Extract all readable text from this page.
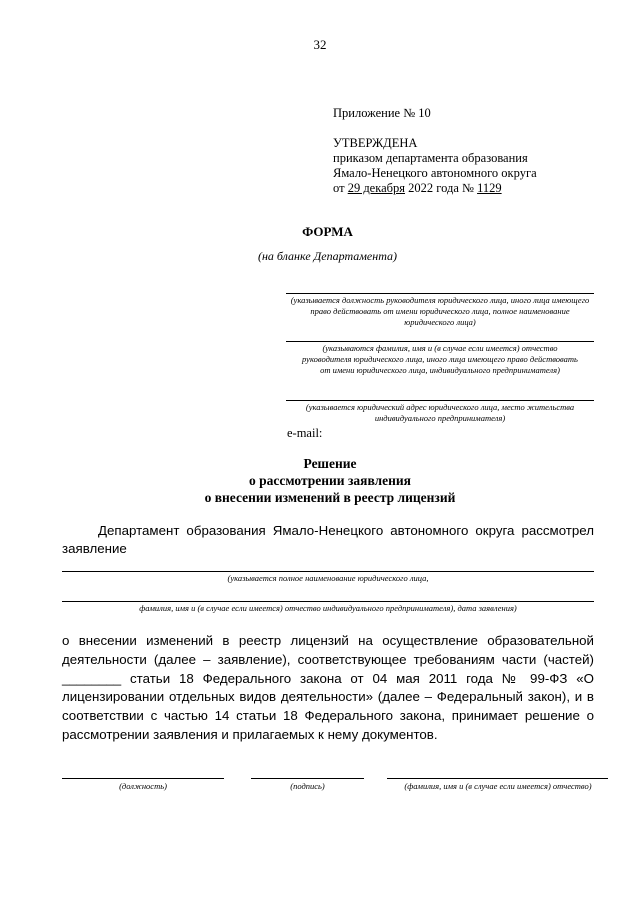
32
Приложение № 10
УТВЕРЖДЕНА
приказом департамента образования
Ямало-Ненецкого автономного округа
от 29 декабря 2022 года № 1129
ФОРМА
(на бланке Департамента)
(указывается должность руководителя юридического лица, иного лица имеющего право действовать от имени юридического лица, полное наименование юридического лица)
(указываются фамилия, имя и (в случае если имеется) отчество руководителя юридического лица, иного лица имеющего право действовать от имени юридического лица, индивидуального предпринимателя)
(указывается юридический адрес юридического лица, место жительства индивидуального предпринимателя)
e-mail:
Решение
о рассмотрении заявления
о внесении изменений в реестр лицензий
Департамент образования Ямало-Ненецкого автономного округа рассмотрел заявление
(указывается полное наименование юридического лица,
фамилия, имя и (в случае если имеется) отчество индивидуального предпринимателя), дата заявления)
о внесении изменений в реестр лицензий на осуществление образовательной деятельности (далее – заявление), соответствующее требованиям части (частей) ________ статьи 18 Федерального закона от 04 мая 2011 года № 99-ФЗ «О лицензировании отдельных видов деятельности» (далее – Федеральный закон), и в соответствии с частью 14 статьи 18 Федерального закона, принимает решение о рассмотрении заявления и прилагаемых к нему документов.
(должность)	(подпись)	(фамилия, имя и (в случае если имеется) отчество)
